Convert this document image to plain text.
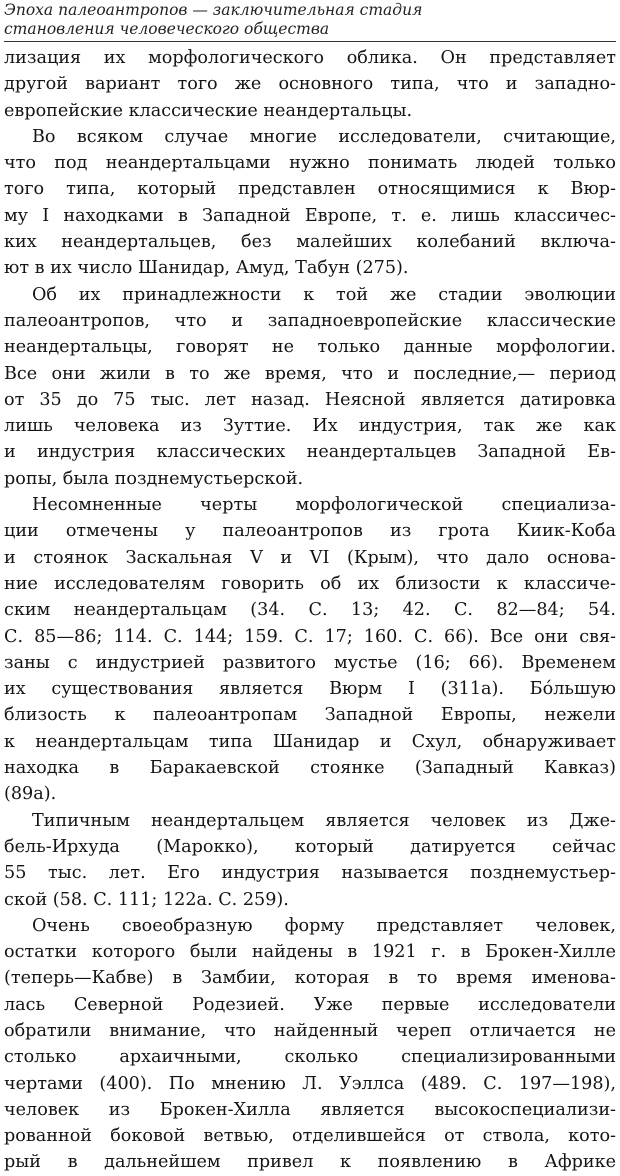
Эпоха палеоантропов — заключительная стадия
становления человеческого общества
лизация их морфологического облика. Он представляет
другой вариант того же основного типа, что и западно-
европейские классические неандертальцы.
Во всяком случае многие исследователи, считающие,
что под неандертальцами нужно понимать людей только
того типа, который представлен относящимися к Вюр-
му I находками в Западной Европе, т. е. лишь классичес-
ких неандертальцев, без малейших колебаний включа-
ют в их число Шанидар, Амуд, Табун (275).
Об их принадлежности к той же стадии эволюции
палеоантропов, что и западноевропейские классические
неандертальцы, говорят не только данные морфологии.
Все они жили в то же время, что и последние,— период
от 35 до 75 тыс. лет назад. Неясной является датировка
лишь человека из Зуттие. Их индустрия, так же как
и индустрия классических неандертальцев Западной Ев-
ропы, была позднемустьерской.
Несомненные черты морфологической специализа-
ции отмечены у палеоантропов из грота Киик-Коба
и стоянок Заскальная V и VI (Крым), что дало основа-
ние исследователям говорить об их близости к классиче-
ским неандертальцам (34. С. 13; 42. С. 82—84; 54.
С. 85—86; 114. С. 144; 159. С. 17; 160. С. 66). Все они свя-
заны с индустрией развитого мустье (16; 66). Временем
их существования является Вюрм I (311а). Бóльшую
близость к палеоантропам Западной Европы, нежели
к неандертальцам типа Шанидар и Схул, обнаруживает
находка в Баракаевской стоянке (Западный Кавказ)
(89а).
Типичным неандертальцем является человек из Дже-
бель-Ирхуда (Марокко), который датируется сейчас
55 тыс. лет. Его индустрия называется позднемустьер-
ской (58. С. 111; 122а. С. 259).
Очень своеобразную форму представляет человек,
остатки которого были найдены в 1921 г. в Брокен-Хилле
(теперь—Кабве) в Замбии, которая в то время именова-
лась Северной Родезией. Уже первые исследователи
обратили внимание, что найденный череп отличается не
столько архаичными, сколько специализированными
чертами (400). По мнению Л. Уэллса (489. С. 197—198),
человек из Брокен-Хилла является высокоспециализи-
рованной боковой ветвью, отделившейся от ствола, кото-
рый в дальнейшем привел к появлению в Африке
